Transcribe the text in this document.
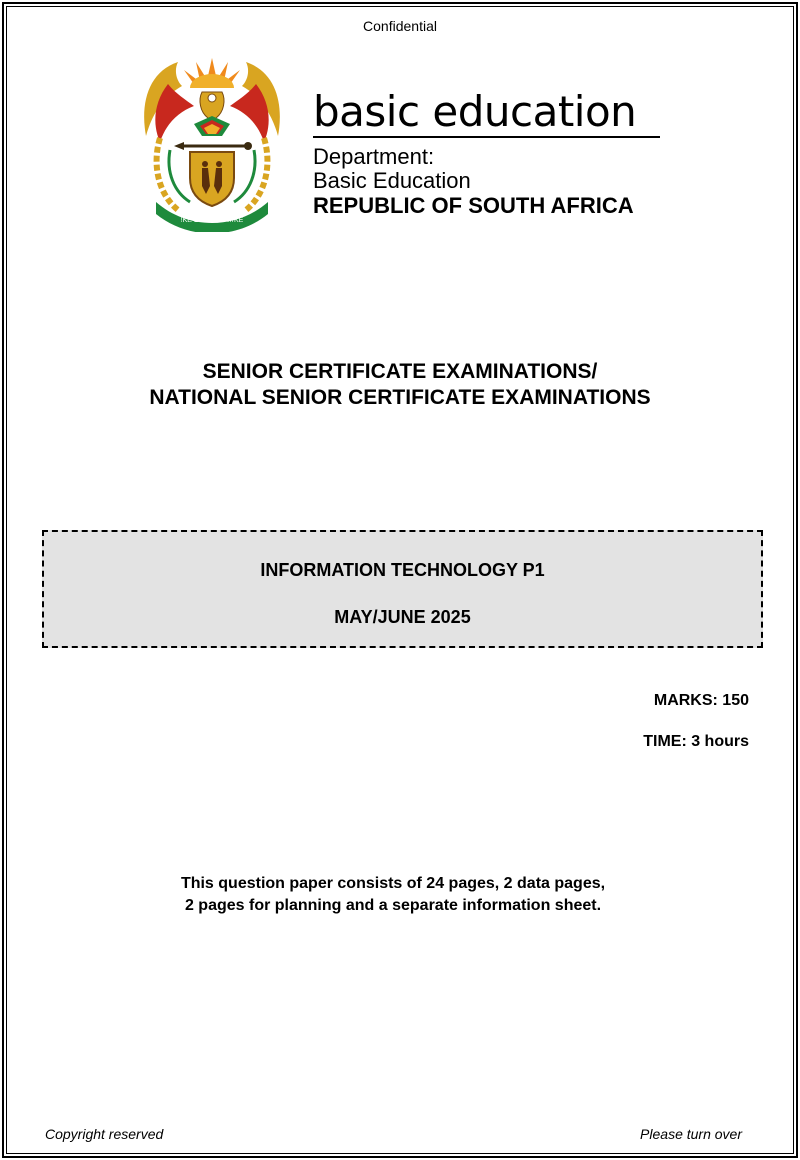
Confidential
!KE E: /XARRA //KE
basic education
Department:
Basic Education
REPUBLIC OF SOUTH AFRICA
SENIOR CERTIFICATE EXAMINATIONS/
NATIONAL SENIOR CERTIFICATE EXAMINATIONS
INFORMATION TECHNOLOGY P1
MAY/JUNE 2025
MARKS: 150
TIME: 3 hours
This question paper consists of 24 pages, 2 data pages,
2 pages for planning and a separate information sheet.
Copyright reserved	Please turn over
